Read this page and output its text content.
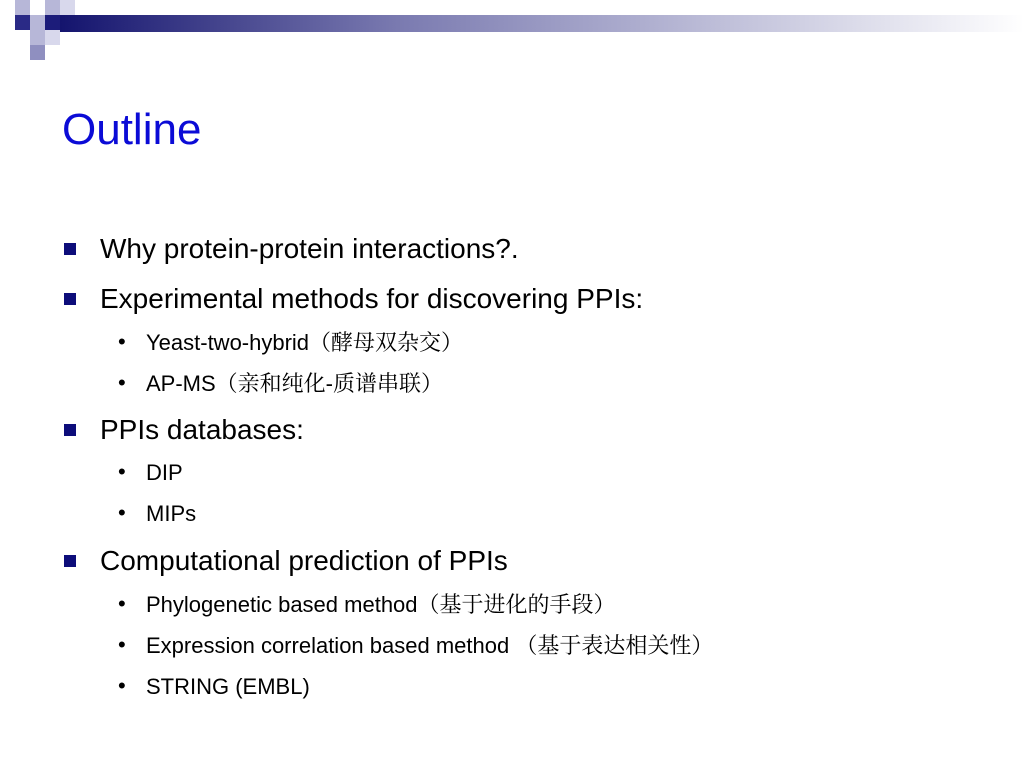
Outline
Why protein-protein interactions?.
Experimental methods for discovering PPIs:
• Yeast-two-hybrid（酵母双杂交）
• AP-MS（亲和纯化-质谱串联）
PPIs databases:
• DIP
• MIPs
Computational prediction of PPIs
• Phylogenetic based method（基于进化的手段）
• Expression correlation based method （基于表达相关性）
• STRING (EMBL)
